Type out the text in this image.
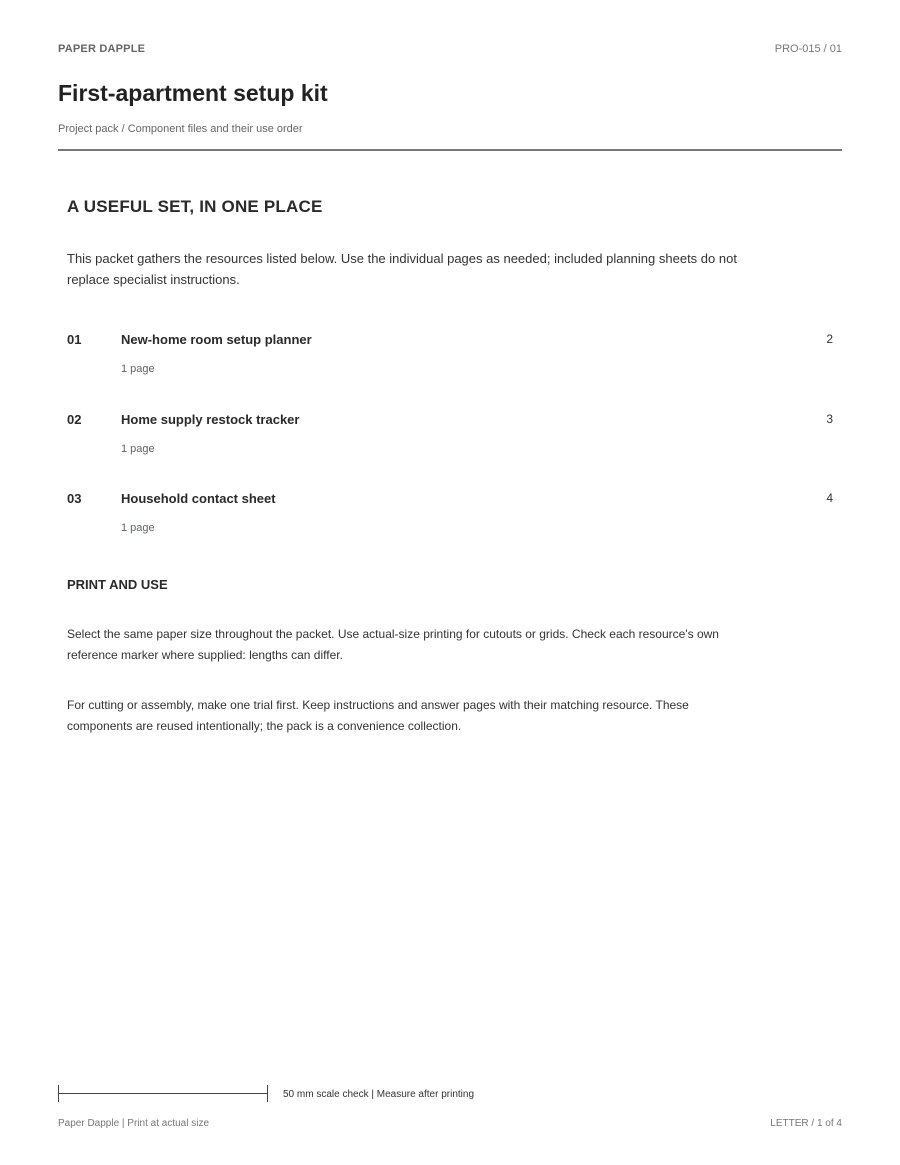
PAPER DAPPLE	PRO-015 / 01
First-apartment setup kit
Project pack / Component files and their use order
A USEFUL SET, IN ONE PLACE

This packet gathers the resources listed below. Use the individual pages as needed; included planning sheets do not replace specialist instructions.

01	New-home room setup planner	2
1 page
02	Home supply restock tracker	3
1 page
03	Household contact sheet	4
1 page
PRINT AND USE

Select the same paper size throughout the packet. Use actual-size printing for cutouts or grids. Check each resource's own reference marker where supplied: lengths can differ.

For cutting or assembly, make one trial first. Keep instructions and answer pages with their matching resource. These components are reused intentionally; the pack is a convenience collection.

50 mm scale check | Measure after printing
Paper Dapple | Print at actual size	LETTER / 1 of 4
